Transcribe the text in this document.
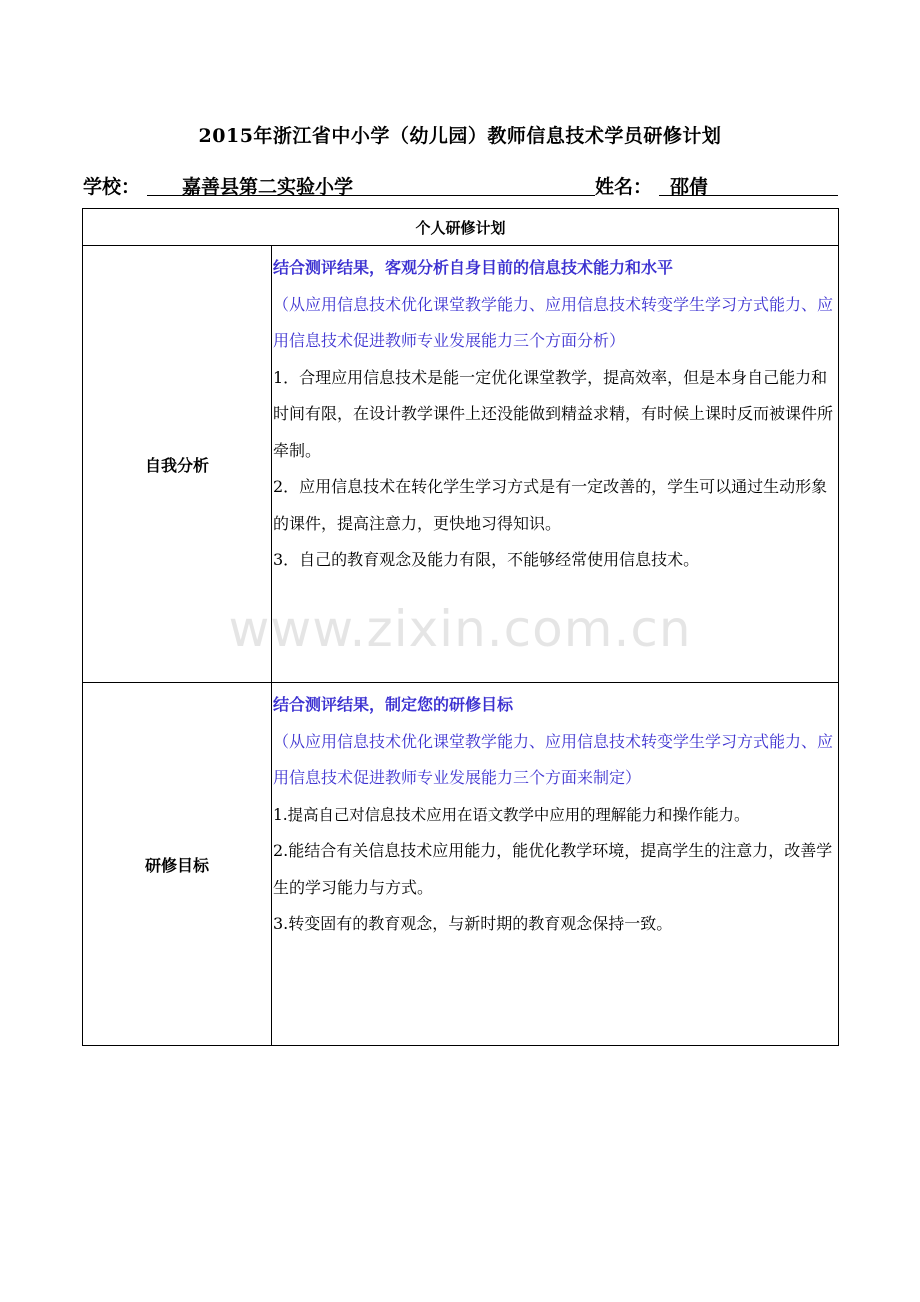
2015年浙江省中小学（幼儿园）教师信息技术学员研修计划
学校： 嘉善县第二实验小学	姓名： 邵倩
个人研修计划	
自我分析	结合测评结果，客观分析自身目前的信息技术能力和水平

（从应用信息技术优化课堂教学能力、应用信息技术转变学生学习方式能力、应用信息技术促进教师专业发展能力三个方面分析）

1．合理应用信息技术是能一定优化课堂教学，提高效率，但是本身自己能力和时间有限，在设计教学课件上还没能做到精益求精，有时候上课时反而被课件所牵制。

2．应用信息技术在转化学生学习方式是有一定改善的，学生可以通过生动形象的课件，提高注意力，更快地习得知识。

3．自己的教育观念及能力有限，不能够经常使用信息技术。

研修目标	结合测评结果，制定您的研修目标

（从应用信息技术优化课堂教学能力、应用信息技术转变学生学习方式能力、应用信息技术促进教师专业发展能力三个方面来制定）

1.提高自己对信息技术应用在语文教学中应用的理解能力和操作能力。

2.能结合有关信息技术应用能力，能优化教学环境，提高学生的注意力，改善学生的学习能力与方式。

3.转变固有的教育观念，与新时期的教育观念保持一致。

www.zixin.com.cn
